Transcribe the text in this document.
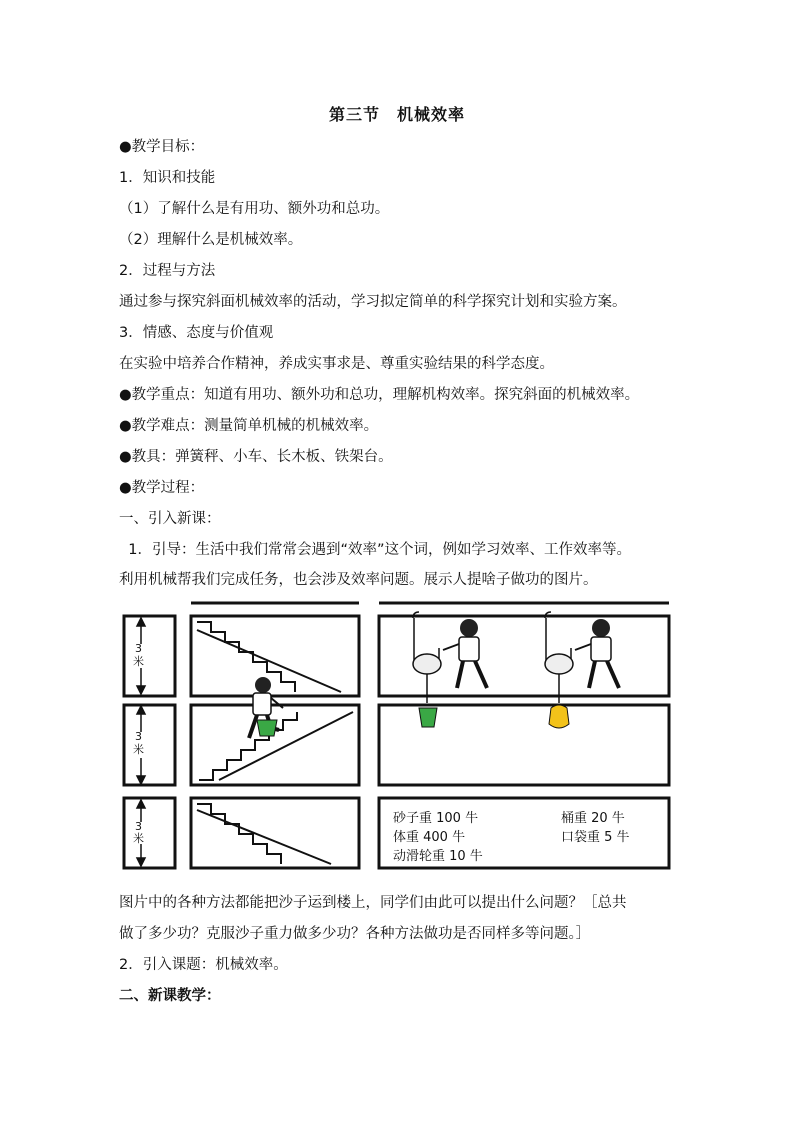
第三节　机械效率
●教学目标：
1．知识和技能
（1）了解什么是有用功、额外功和总功。
（2）理解什么是机械效率。
2．过程与方法
通过参与探究斜面机械效率的活动，学习拟定简单的科学探究计划和实验方案。
3．情感、态度与价值观
在实验中培养合作精神，养成实事求是、尊重实验结果的科学态度。
●教学重点：知道有用功、额外功和总功，理解机构效率。探究斜面的机械效率。
●教学难点：测量简单机械的机械效率。
●教具：弹簧秤、小车、长木板、铁架台。
●教学过程：
一、引入新课：
1．引导：生活中我们常常会遇到“效率”这个词，例如学习效率、工作效率等。
利用机械帮我们完成任务，也会涉及效率问题。展示人提啥子做功的图片。
3
米
3
米
3
米
砂子重 100 牛
体重 400 牛
动滑轮重 10 牛
桶重 20 牛
口袋重 5 牛
图片中的各种方法都能把沙子运到楼上，同学们由此可以提出什么问题？［总共
做了多少功？克服沙子重力做多少功？各种方法做功是否同样多等问题。］
2．引入课题：机械效率。
二、新课教学：
